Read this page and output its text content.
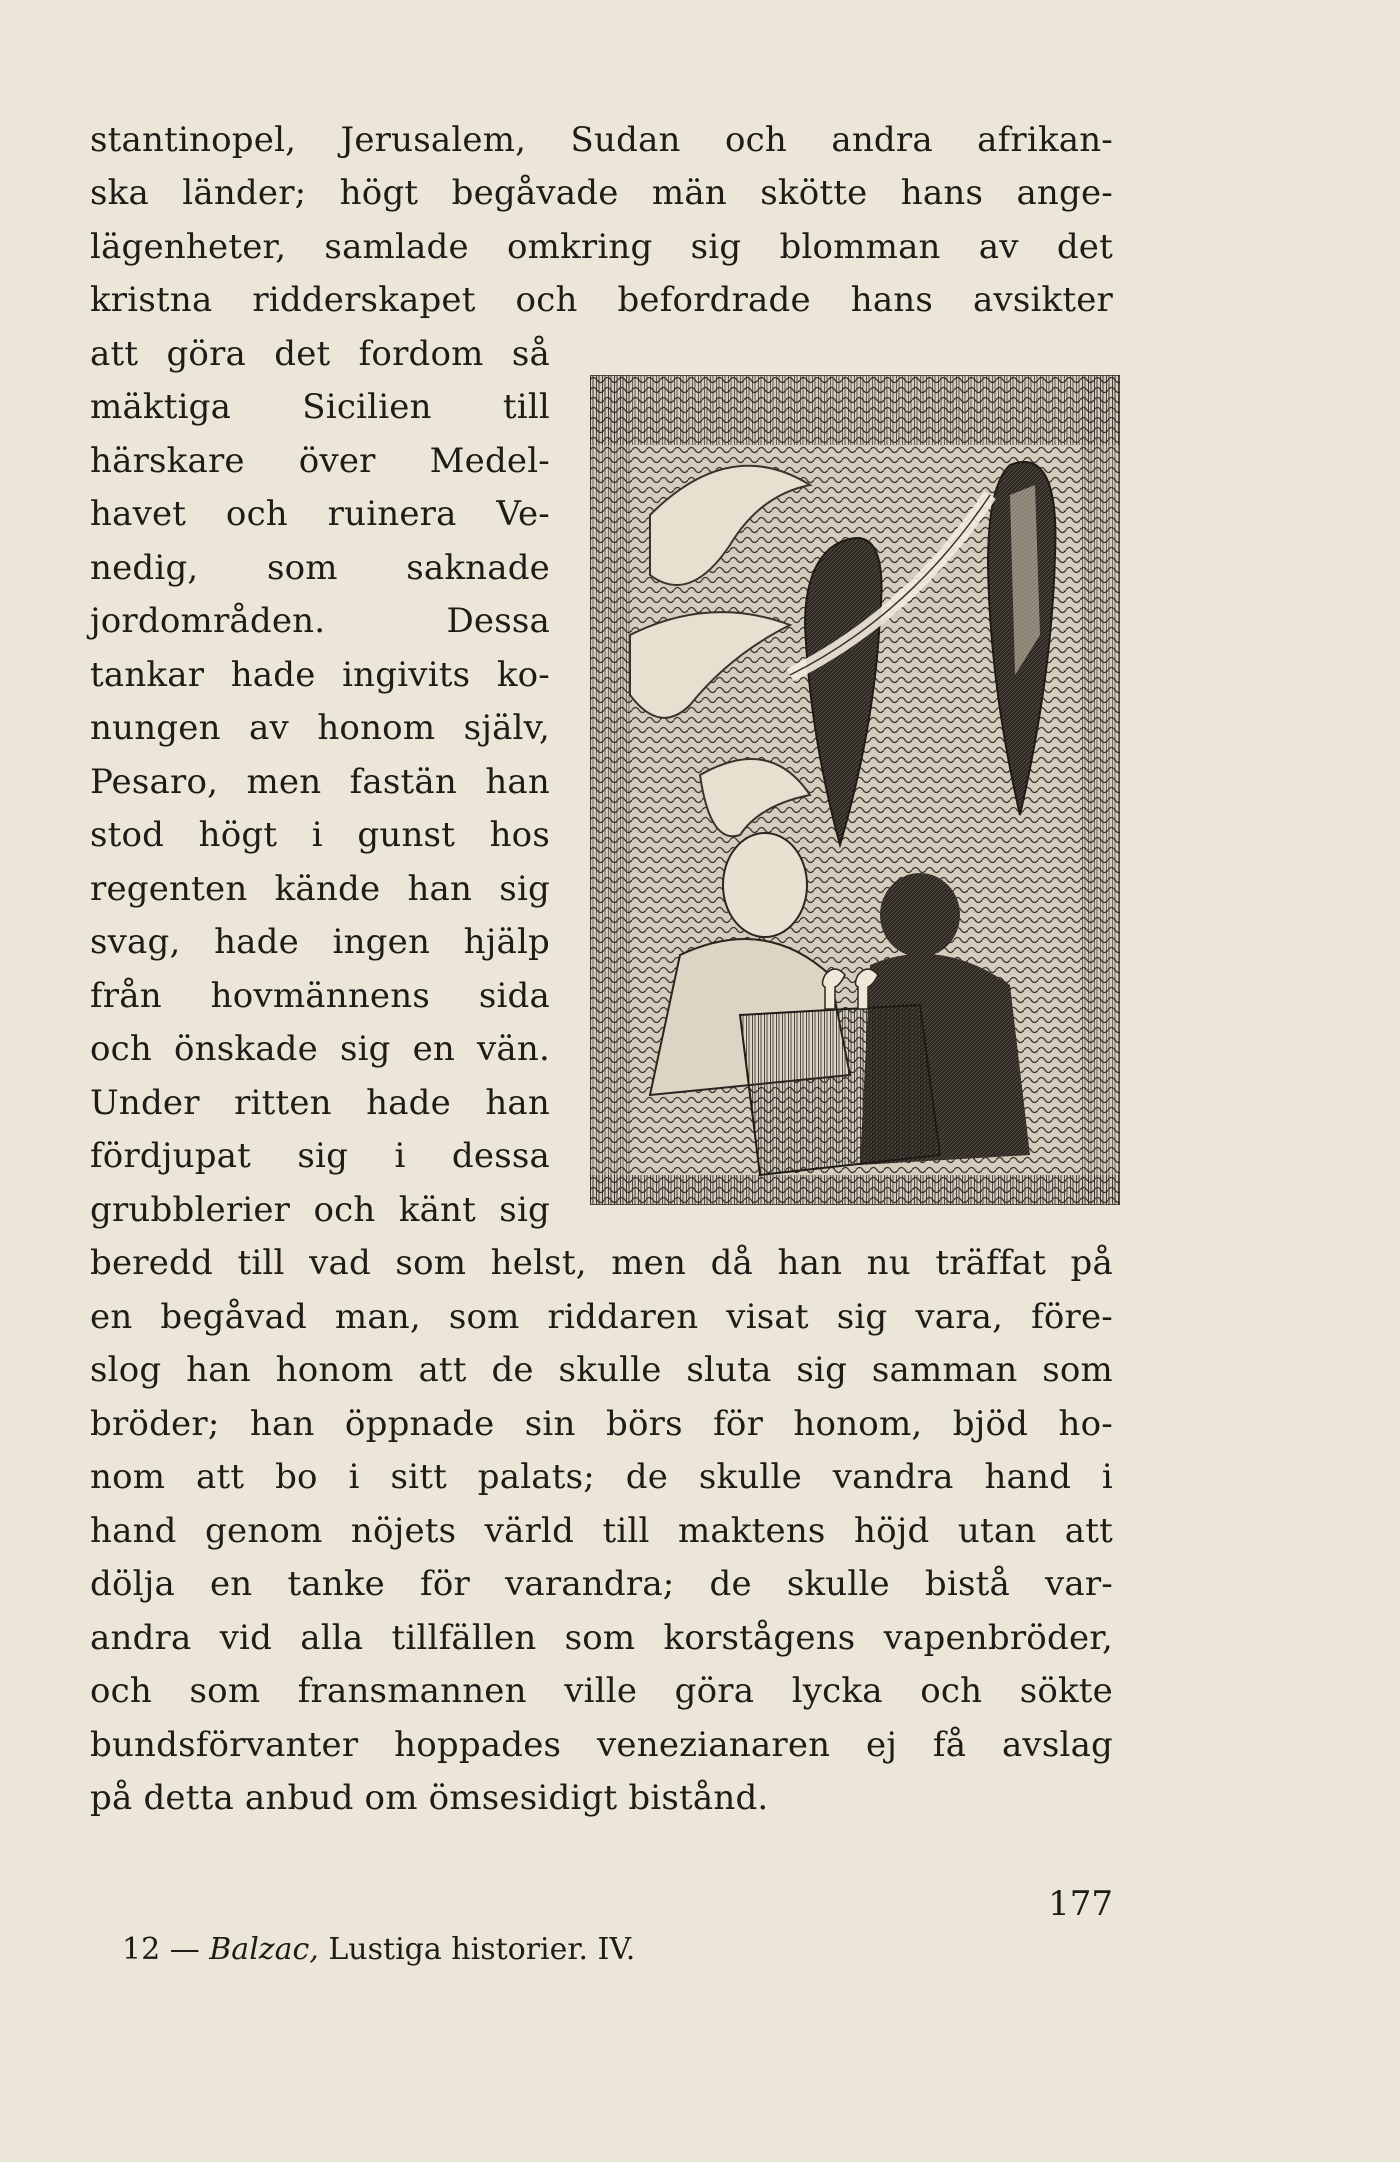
stantinopel, Jerusalem, Sudan och andra afrikan-
ska länder; högt begåvade män skötte hans ange-
lägenheter, samlade omkring sig blomman av det
kristna ridderskapet och befordrade hans avsikter
att göra det fordom så
mäktiga Sicilien till
härskare över Medel-
havet och ruinera Ve-
nedig, som saknade
jordområden. Dessa
tankar hade ingivits ko-
nungen av honom själv,
Pesaro, men fastän han
stod högt i gunst hos
regenten kände han sig
svag, hade ingen hjälp
från hovmännens sida
och önskade sig en vän.
Under ritten hade han
fördjupat sig i dessa
grubblerier och känt sig
beredd till vad som helst, men då han nu träffat på
en begåvad man, som riddaren visat sig vara, före-
slog han honom att de skulle sluta sig samman som
bröder; han öppnade sin börs för honom, bjöd ho-
nom att bo i sitt palats; de skulle vandra hand i
hand genom nöjets värld till maktens höjd utan att
dölja en tanke för varandra; de skulle bistå var-
andra vid alla tillfällen som korstågens vapenbröder,
och som fransmannen ville göra lycka och sökte
bundsförvanter hoppades venezianaren ej få avslag
på detta anbud om ömsesidigt bistånd.
177
12 — Balzac, Lustiga historier. IV.
